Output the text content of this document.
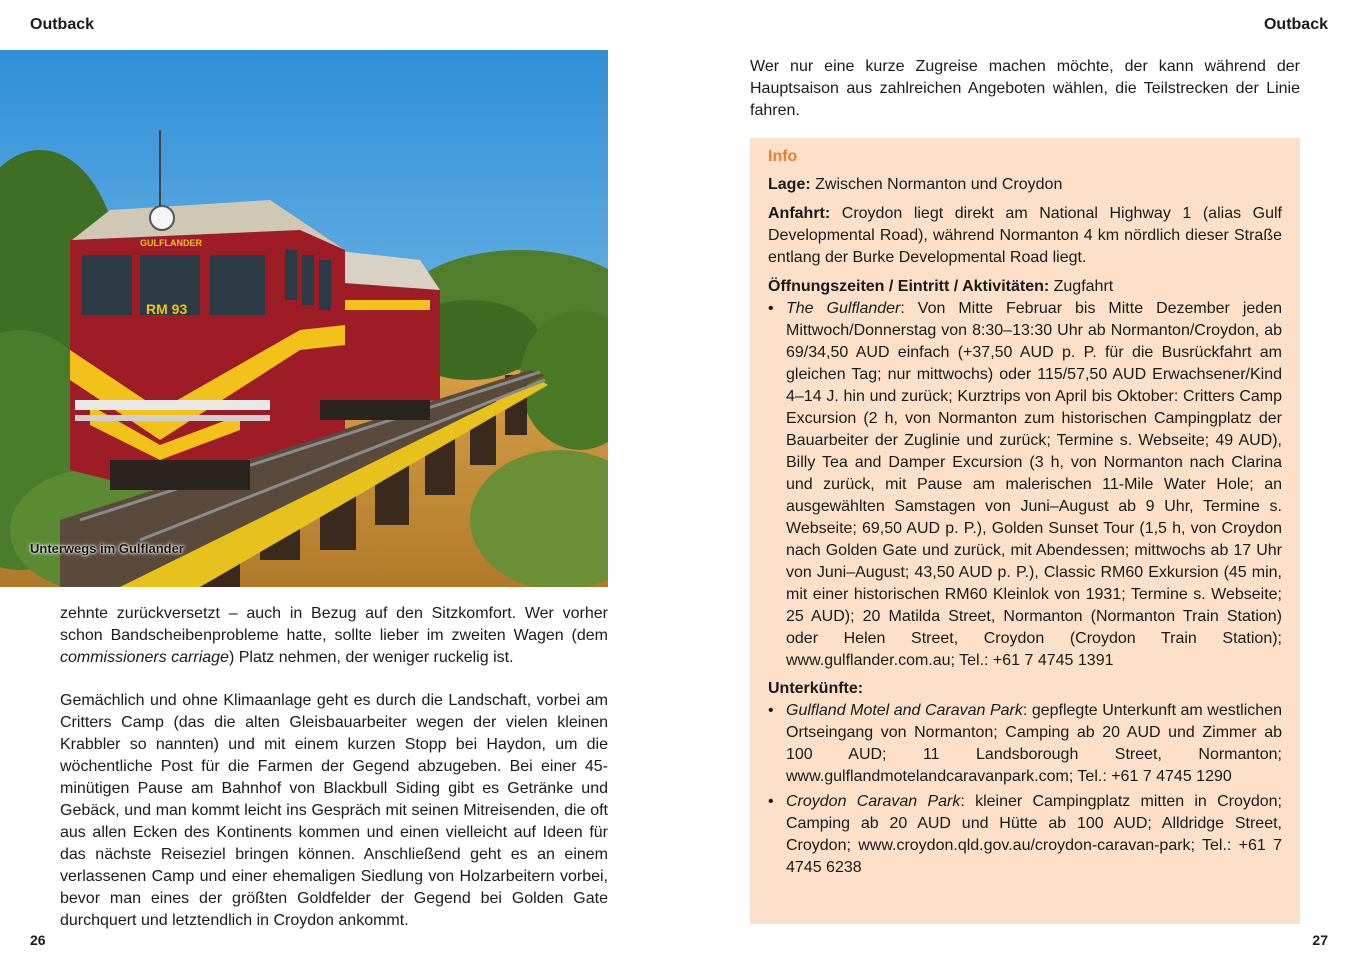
Outback
GULFLANDER
RM 93
Unterwegs im Gulflander

zehnte zurückversetzt – auch in Bezug auf den Sitzkomfort. Wer vorher schon Bandscheibenprobleme hatte, sollte lieber im zweiten Wagen (dem commissioners carriage) Platz nehmen, der weniger ruckelig ist.

Gemächlich und ohne Klimaanlage geht es durch die Landschaft, vorbei am Critters Camp (das die alten Gleisbauarbeiter wegen der vielen kleinen Krabbler so nannten) und mit einem kurzen Stopp bei Haydon, um die wöchentliche Post für die Farmen der Gegend abzugeben. Bei einer 45-minütigen Pause am Bahnhof von Blackbull Siding gibt es Getränke und Gebäck, und man kommt leicht ins Gespräch mit seinen Mitreisenden, die oft aus allen Ecken des Kontinents kommen und einen vielleicht auf Ideen für das nächste Reiseziel bringen können. Anschließend geht es an einem verlassenen Camp und einer ehemaligen Siedlung von Holzarbeitern vorbei, bevor man eines der größten Goldfelder der Gegend bei Golden Gate durchquert und letztendlich in Croydon ankommt.

26
Outback

Wer nur eine kurze Zugreise machen möchte, der kann während der Hauptsaison aus zahlreichen Angeboten wählen, die Teilstrecken der Linie fahren.

Info

Lage: Zwischen Normanton und Croydon

Anfahrt: Croydon liegt direkt am National Highway 1 (alias Gulf Developmental Road), während Normanton 4 km nördlich dieser Straße entlang der Burke Developmental Road liegt.

Öffnungszeiten / Eintritt / Aktivitäten: Zugfahrt

• The Gulflander: Von Mitte Februar bis Mitte Dezember jeden Mittwoch/Donnerstag von 8:30–13:30 Uhr ab Normanton/Croydon, ab 69/34,50 AUD einfach (+37,50 AUD p. P. für die Busrückfahrt am gleichen Tag; nur mittwochs) oder 115/57,50 AUD Erwachsener/Kind 4–14 J. hin und zurück; Kurztrips von April bis Oktober: Critters Camp Excursion (2 h, von Normanton zum historischen Campingplatz der Bauarbeiter der Zuglinie und zurück; Termine s. Webseite; 49 AUD), Billy Tea and Damper Excursion (3 h, von Normanton nach Clarina und zurück, mit Pause am malerischen 11-Mile Water Hole; an ausgewählten Samstagen von Juni–August ab 9 Uhr, Termine s. Webseite; 69,50 AUD p. P.), Golden Sunset Tour (1,5 h, von Croydon nach Golden Gate und zurück, mit Abendessen; mittwochs ab 17 Uhr von Juni–August; 43,50 AUD p. P.), Classic RM60 Exkursion (45 min, mit einer historischen RM60 Kleinlok von 1931; Termine s. Webseite; 25 AUD); 20 Matilda Street, Normanton (Normanton Train Station) oder Helen Street, Croydon (Croydon Train Station); www.gulflander.com.au; Tel.: +61 7 4745 1391

Unterkünfte:

• Gulfland Motel and Caravan Park: gepflegte Unterkunft am westlichen Ortseingang von Normanton; Camping ab 20 AUD und Zimmer ab 100 AUD; 11 Landsborough Street, Normanton; www.gulflandmotelandcaravanpark.com; Tel.: +61 7 4745 1290
• Croydon Caravan Park: kleiner Campingplatz mitten in Croydon; Camping ab 20 AUD und Hütte ab 100 AUD; Alldridge Street, Croydon; www.croydon.qld.gov.au/croydon-caravan-park; Tel.: +61 7 4745 6238
27
